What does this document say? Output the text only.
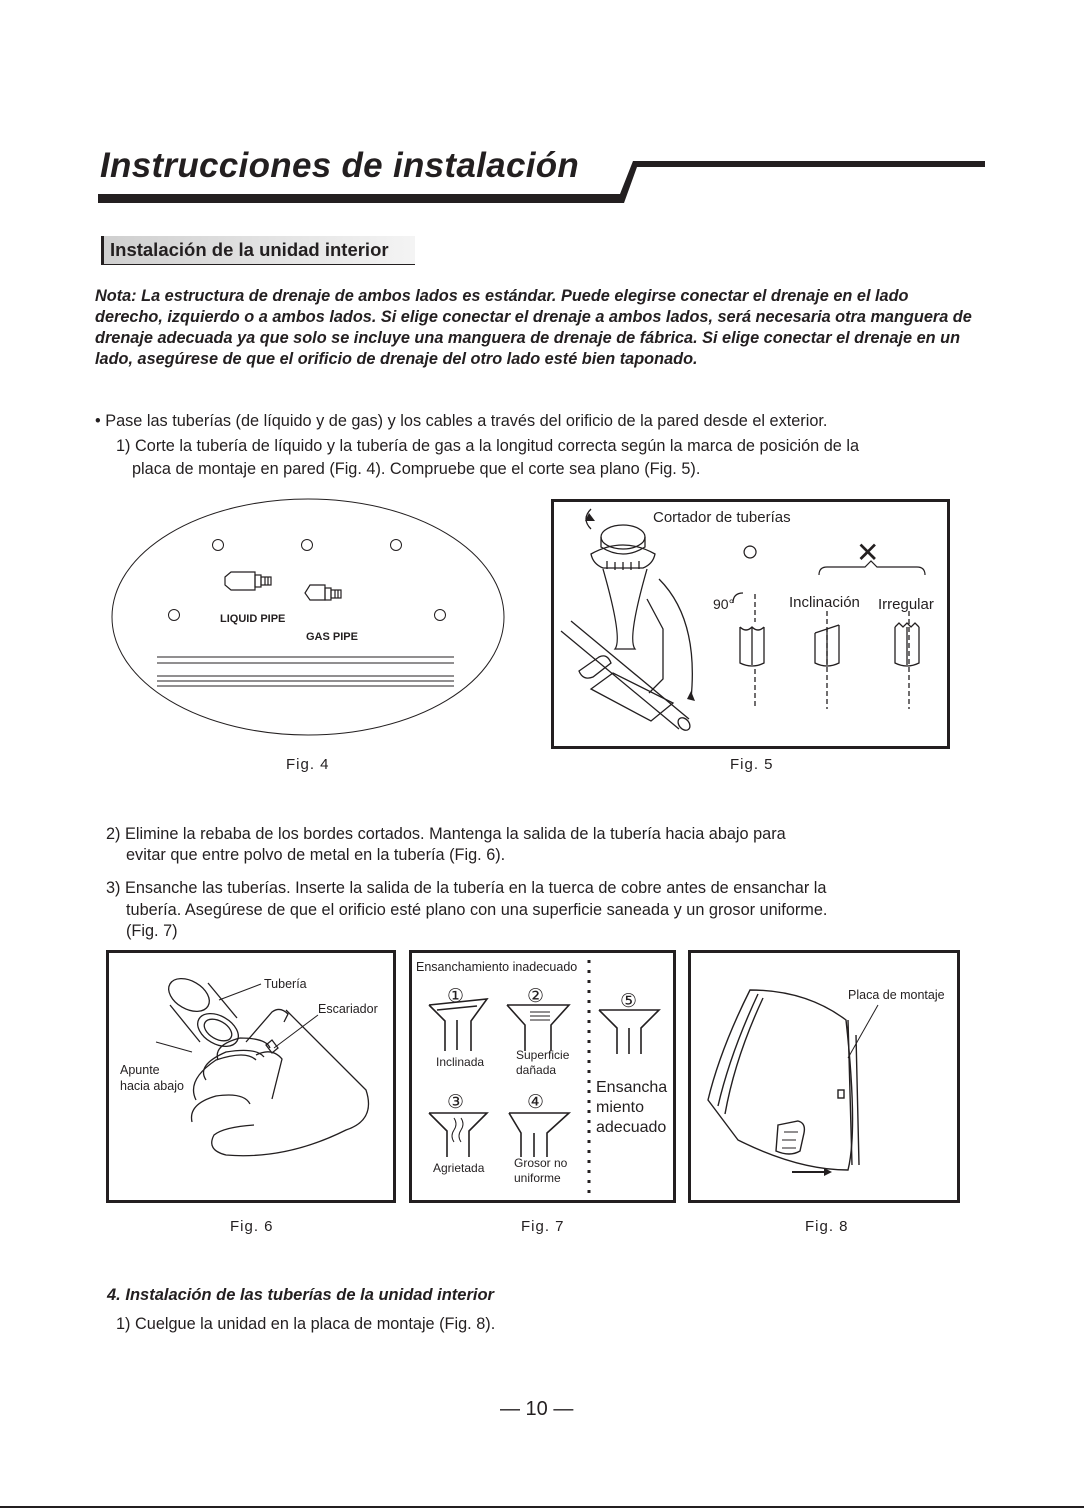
Instrucciones de instalación
Instalación de la unidad interior
Nota: La estructura de drenaje de ambos lados es estándar. Puede elegirse conectar el drenaje en el lado derecho, izquierdo o a ambos lados. Si elige conectar el drenaje a ambos lados, será necesaria otra manguera de drenaje adecuada ya que solo se incluye una manguera de drenaje de fábrica. Si elige conectar el drenaje en un lado, asegúrese de que el orificio de drenaje del otro lado esté bien taponado.
• Pase las tuberías (de líquido y de gas) y los cables a través del orificio de la pared desde el exterior.
1) Corte la tubería de líquido y la tubería de gas a la longitud correcta según la marca de posición de la
placa de montaje en pared (Fig. 4). Compruebe que el corte sea plano (Fig. 5).
LIQUID PIPE
GAS PIPE
Fig. 4
Cortador de tuberías
○	✕
90°	Inclinación Irregular
Fig. 5
2) Elimine la rebaba de los bordes cortados. Mantenga la salida de la tubería hacia abajo para
evitar que entre polvo de metal en la tubería (Fig. 6).
3) Ensanche las tuberías. Inserte la salida de la tubería en la tuerca de cobre antes de ensanchar la
tubería. Asegúrese de que el orificio esté plano con una superficie saneada y un grosor uniforme.
(Fig. 7)
Tubería
Escariador
Apunte
hacia abajo
Fig. 6
Ensanchamiento inadecuado
①	②	⑤
③	④
Inclinada	Superficie
dañada
Agrietada Grosor no
uniforme
Ensancha
miento
adecuado
Fig. 7
Placa de montaje
Fig. 8
4. Instalación de las tuberías de la unidad interior
1) Cuelgue la unidad en la placa de montaje (Fig. 8).
— 10 —
